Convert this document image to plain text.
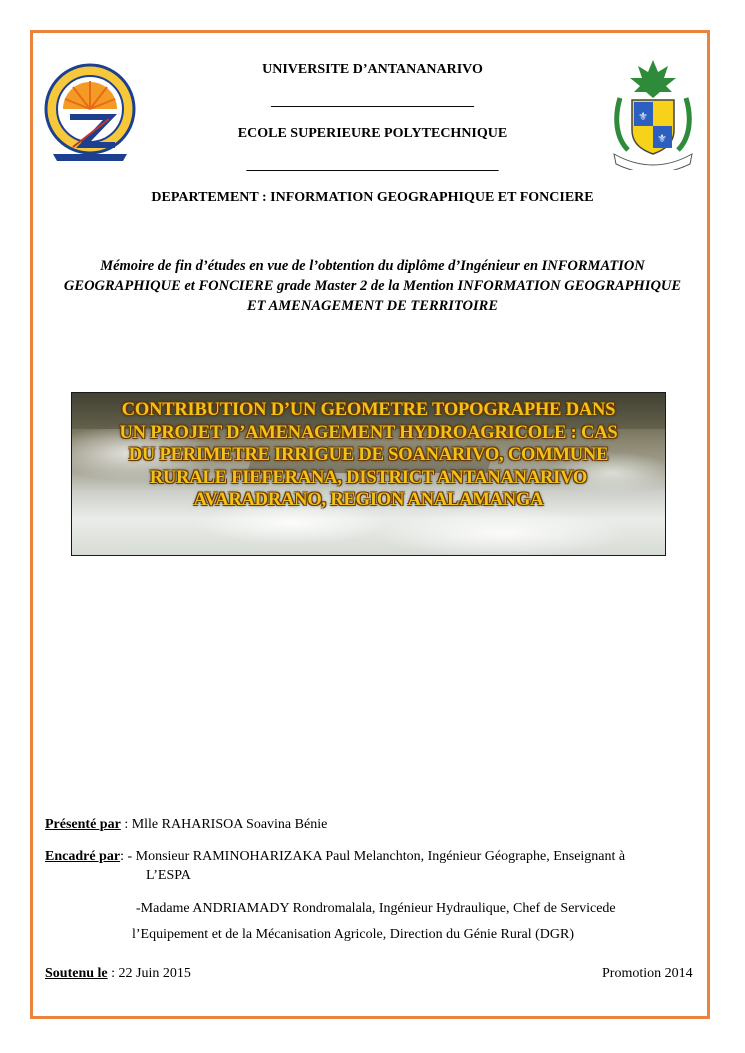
⚜
⚜
UNIVERSITE D’ANTANANARIVO
_____________________________
ECOLE SUPERIEURE POLYTECHNIQUE
____________________________________
DEPARTEMENT : INFORMATION GEOGRAPHIQUE ET FONCIERE
Mémoire de fin d’études en vue de l’obtention du diplôme d’Ingénieur en INFORMATION
GEOGRAPHIQUE et FONCIERE grade Master 2 de la Mention INFORMATION GEOGRAPHIQUE
ET AMENAGEMENT DE TERRITOIRE
CONTRIBUTION D’UN GEOMETRE TOPOGRAPHE DANS
UN PROJET D’AMENAGEMENT HYDROAGRICOLE : CAS
DU PERIMETRE IRRIGUE DE SOANARIVO, COMMUNE
RURALE FIEFERANA, DISTRICT ANTANANARIVO
AVARADRANO, REGION ANALAMANGA
Présenté par : Mlle RAHARISOA Soavina Bénie
Encadré par: - Monsieur RAMINOHARIZAKA Paul Melanchton, Ingénieur Géographe, Enseignant à
L’ESPA
-Madame ANDRIAMADY Rondromalala, Ingénieur Hydraulique, Chef de Servicede
l’Equipement et de la Mécanisation Agricole, Direction du Génie Rural (DGR)
Soutenu le : 22 Juin 2015	Promotion 2014
